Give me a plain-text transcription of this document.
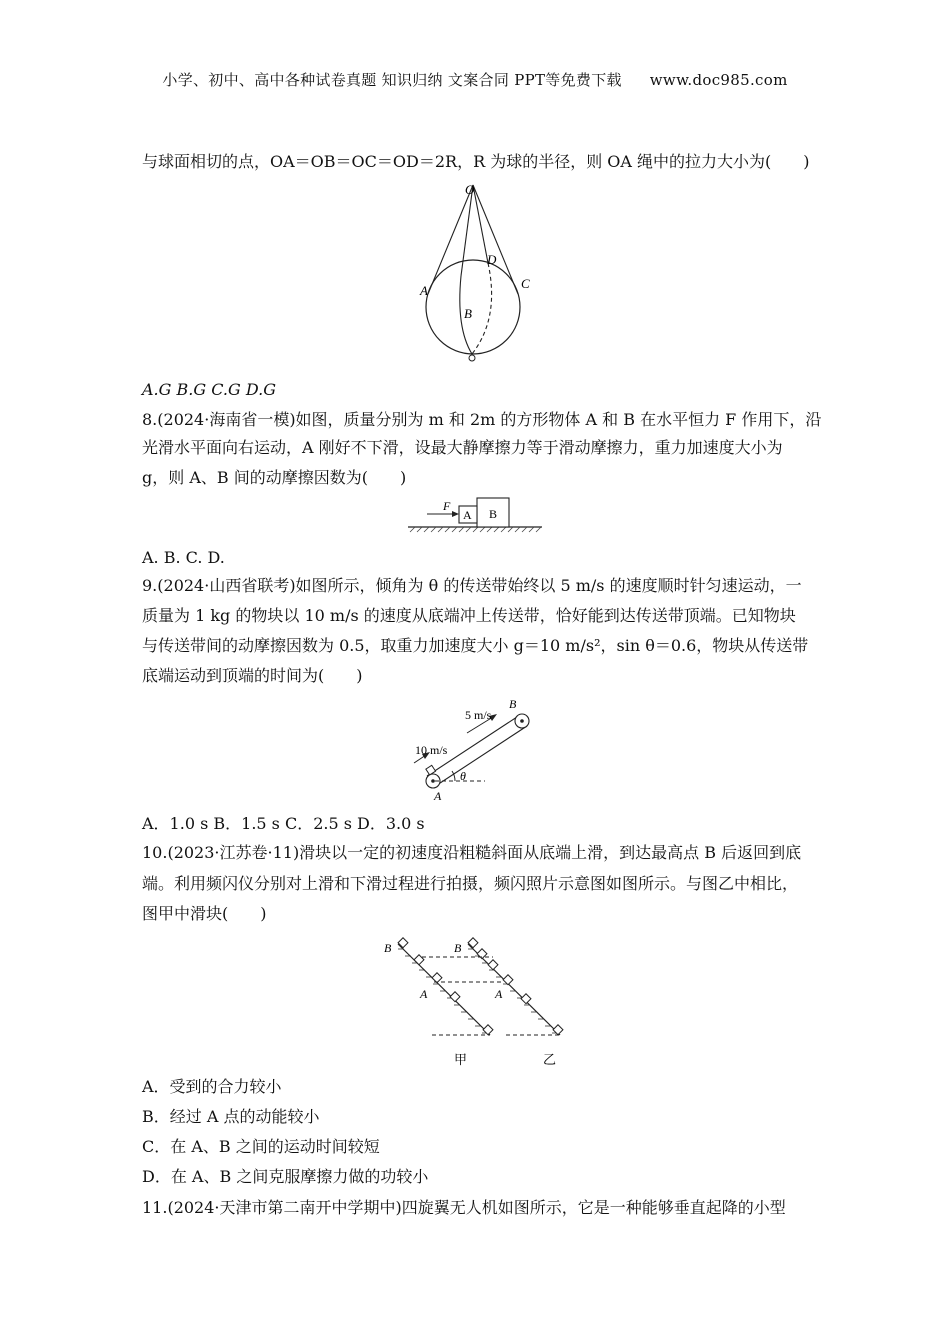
小学、初中、高中各种试卷真题 知识归纳 文案合同 PPT等免费下载 www.doc985.com
与球面相切的点，OA＝OB＝OC＝OD＝2R，R 为球的半径，则 OA 绳中的拉力大小为(　　)
O
A
B
C
D
A.G B.G C.G D.G
8.(2024·海南省一模)如图，质量分别为 m 和 2m 的方形物体 A 和 B 在水平恒力 F 作用下，沿
光滑水平面向右运动，A 刚好不下滑，设最大静摩擦力等于滑动摩擦力，重力加速度大小为
g，则 A、B 间的动摩擦因数为(　　)
F
A B
A. B. C. D.
9.(2024·山西省联考)如图所示，倾角为 θ 的传送带始终以 5 m/s 的速度顺时针匀速运动，一
质量为 1 kg 的物块以 10 m/s 的速度从底端冲上传送带，恰好能到达传送带顶端。已知物块
与传送带间的动摩擦因数为 0.5，取重力加速度大小 g＝10 m/s²，sin θ＝0.6，物块从传送带
底端运动到顶端的时间为(　　)
B
5 m/s
10 m/s
θ
A
A．1.0 s B．1.5 s C．2.5 s D．3.0 s
10.(2023·江苏卷·11)滑块以一定的初速度沿粗糙斜面从底端上滑，到达最高点 B 后返回到底
端。利用频闪仪分别对上滑和下滑过程进行拍摄，频闪照片示意图如图所示。与图乙中相比，
图甲中滑块(　　)
B
A
B
A
甲	乙
A．受到的合力较小
B．经过 A 点的动能较小
C．在 A、B 之间的运动时间较短
D．在 A、B 之间克服摩擦力做的功较小
11.(2024·天津市第二南开中学期中)四旋翼无人机如图所示，它是一种能够垂直起降的小型
